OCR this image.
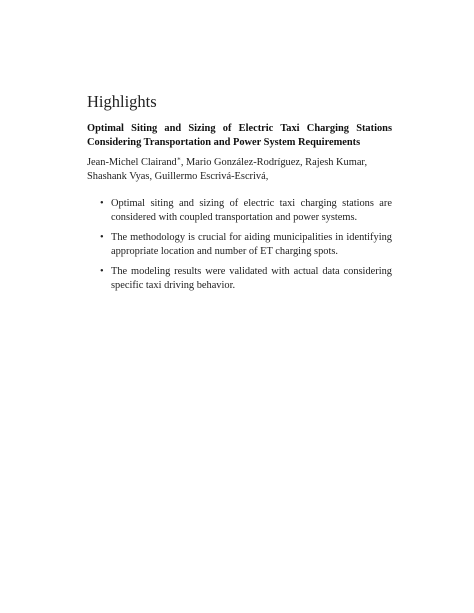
Highlights
Optimal Siting and Sizing of Electric Taxi Charging Stations Considering Transportation and Power System Requirements
Jean-Michel Clairand∗, Mario González-Rodríguez, Rajesh Kumar, Shashank Vyas, Guillermo Escrivá-Escrivá,
• Optimal siting and sizing of electric taxi charging stations are considered with coupled transportation and power systems.
• The methodology is crucial for aiding municipalities in identifying appropriate location and number of ET charging spots.
• The modeling results were validated with actual data considering specific taxi driving behavior.
